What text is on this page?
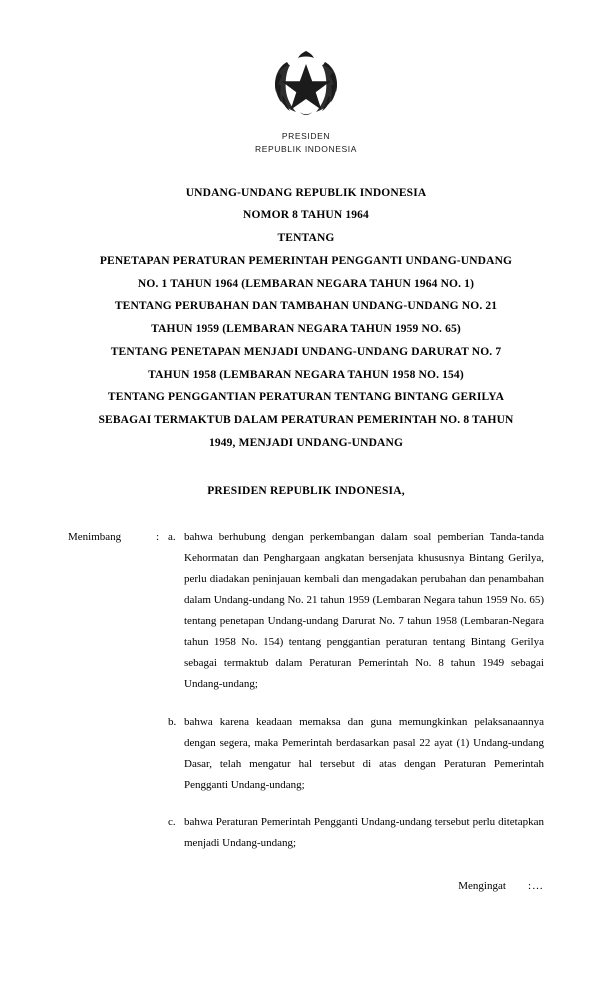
PRESIDEN
REPUBLIK INDONESIA
UNDANG-UNDANG REPUBLIK INDONESIA
NOMOR 8 TAHUN 1964
TENTANG
PENETAPAN PERATURAN PEMERINTAH PENGGANTI UNDANG-UNDANG
NO. 1 TAHUN 1964 (LEMBARAN NEGARA TAHUN 1964 NO. 1)
TENTANG PERUBAHAN DAN TAMBAHAN UNDANG-UNDANG NO. 21
TAHUN 1959 (LEMBARAN NEGARA TAHUN 1959 NO. 65)
TENTANG PENETAPAN MENJADI UNDANG-UNDANG DARURAT NO. 7
TAHUN 1958 (LEMBARAN NEGARA TAHUN 1958 NO. 154)
TENTANG PENGGANTIAN PERATURAN TENTANG BINTANG GERILYA
SEBAGAI TERMAKTUB DALAM PERATURAN PEMERINTAH NO. 8 TAHUN
1949, MENJADI UNDANG-UNDANG
PRESIDEN REPUBLIK INDONESIA,
Menimbang	: a. bahwa berhubung dengan perkembangan dalam soal pemberian Tanda-tanda Kehormatan dan Penghargaan angkatan bersenjata khususnya Bintang Gerilya, perlu diadakan peninjauan kembali dan mengadakan perubahan dan penambahan dalam Undang-undang No. 21 tahun 1959 (Lembaran Negara tahun 1959 No. 65) tentang penetapan Undang-undang Darurat No. 7 tahun 1958 (Lembaran-Negara tahun 1958 No. 154) tentang penggantian peraturan tentang Bintang Gerilya sebagai termaktub dalam Peraturan Pemerintah No. 8 tahun 1949 sebagai Undang-undang;
b. bahwa karena keadaan memaksa dan guna memungkinkan pelaksanaannya dengan segera, maka Pemerintah berdasarkan pasal 22 ayat (1) Undang-undang Dasar, telah mengatur hal tersebut di atas dengan Peraturan Pemerintah Pengganti Undang-undang;
c. bahwa Peraturan Pemerintah Pengganti Undang-undang tersebut perlu ditetapkan menjadi Undang-undang;
Mengingat :…
